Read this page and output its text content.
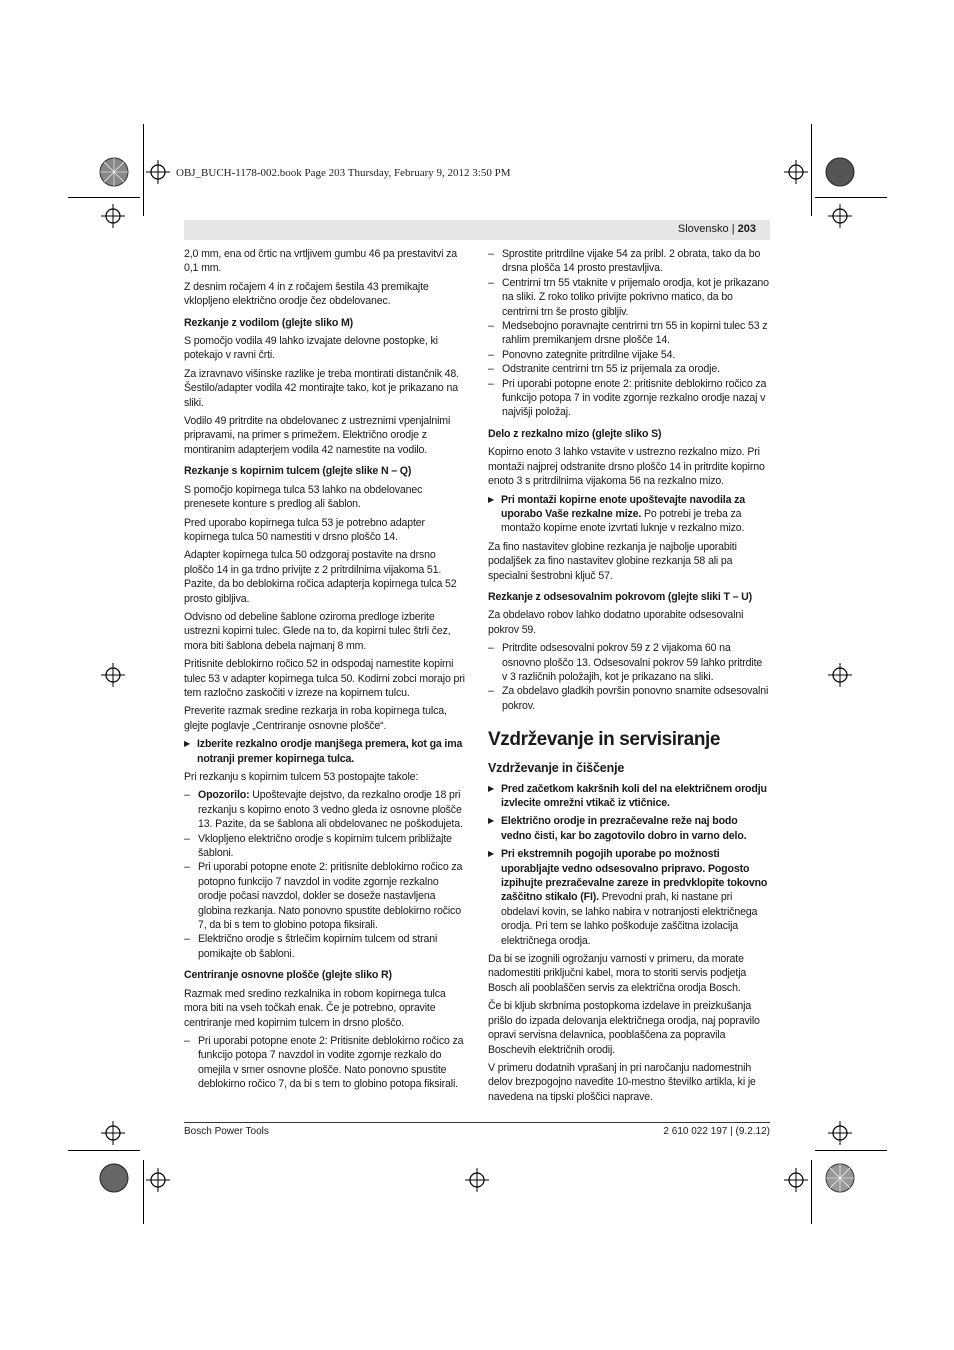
OBJ_BUCH-1178-002.book Page 203 Thursday, February 9, 2012 3:50 PM
Slovensko | 203

2,0 mm, ena od črtic na vrtljivem gumbu 46 pa prestavitvi za 0,1 mm.

Z desnim ročajem 4 in z ročajem šestila 43 premikajte vklopljeno električno orodje čez obdelovanec.

Rezkanje z vodilom (glejte sliko M)

S pomočjo vodila 49 lahko izvajate delovne postopke, ki potekajo v ravni črti.

Za izravnavo višinske razlike je treba montirati distančnik 48. Šestilo/adapter vodila 42 montirajte tako, kot je prikazano na sliki.

Vodilo 49 pritrdite na obdelovanec z ustreznimi vpenjalnimi pripravami, na primer s primežem. Električno orodje z montiranim adapterjem vodila 42 namestite na vodilo.

Rezkanje s kopirnim tulcem (glejte slike N – Q)

S pomočjo kopirnega tulca 53 lahko na obdelovanec prenesete konture s predlog ali šablon.

Pred uporabo kopirnega tulca 53 je potrebno adapter kopirnega tulca 50 namestiti v drsno ploščo 14.

Adapter kopirnega tulca 50 odzgoraj postavite na drsno ploščo 14 in ga trdno privijte z 2 pritrdilnima vijakoma 51. Pazite, da bo deblokirna ročica adapterja kopirnega tulca 52 prosto gibljiva.

Odvisno od debeline šablone oziroma predloge izberite ustrezni kopirni tulec. Glede na to, da kopirni tulec štrli čez, mora biti šablona debela najmanj 8 mm.

Pritisnite deblokirno ročico 52 in odspodaj namestite kopirni tulec 53 v adapter kopirnega tulca 50. Kodirni zobci morajo pri tem razločno zaskočiti v izreze na kopirnem tulcu.

Preverite razmak sredine rezkarja in roba kopirnega tulca, glejte poglavje „Centriranje osnovne plošče“.

▶ Izberite rezkalno orodje manjšega premera, kot ga ima notranji premer kopirnega tulca.

Pri rezkanju s kopirnim tulcem 53 postopajte takole:

– Opozorilo: Upoštevajte dejstvo, da rezkalno orodje 18 pri rezkanju s kopirno enoto 3 vedno gleda iz osnovne plošče 13. Pazite, da se šablona ali obdelovanec ne poškodujeta.
– Vklopljeno električno orodje s kopirnim tulcem približajte šabloni.
– Pri uporabi potopne enote 2: pritisnite deblokirno ročico za potopno funkcijo 7 navzdol in vodite zgornje rezkalno orodje počasi navzdol, dokler se doseže nastavljena globina rezkanja. Nato ponovno spustite deblokirno ročico 7, da bi s tem to globino potopa fiksirali.
– Električno orodje s štrlečim kopirnim tulcem od strani pomikajte ob šabloni.
Centriranje osnovne plošče (glejte sliko R)

Razmak med sredino rezkalnika in robom kopirnega tulca mora biti na vseh točkah enak. Če je potrebno, opravite centriranje med kopirnim tulcem in drsno ploščo.

– Pri uporabi potopne enote 2: Pritisnite deblokirno ročico za funkcijo potopa 7 navzdol in vodite zgornje rezkalo do omejila v smer osnovne plošče. Nato ponovno spustite deblokirno ročico 7, da bi s tem to globino potopa fiksirali.
– Sprostite pritrdilne vijake 54 za pribl. 2 obrata, tako da bo drsna plošča 14 prosto prestavljiva.
– Centrirni trn 55 vtaknite v prijemalo orodja, kot je prikazano na sliki. Z roko toliko privijte pokrivno matico, da bo centrirni trn še prosto gibljiv.
– Medsebojno poravnajte centrirni trn 55 in kopirni tulec 53 z rahlim premikanjem drsne plošče 14.
– Ponovno zategnite pritrdilne vijake 54.
– Odstranite centrirni trn 55 iz prijemala za orodje.
– Pri uporabi potopne enote 2: pritisnite deblokirno ročico za funkcijo potopa 7 in vodite zgornje rezkalno orodje nazaj v najvišji položaj.
Delo z rezkalno mizo (glejte sliko S)

Kopirno enoto 3 lahko vstavite v ustrezno rezkalno mizo. Pri montaži najprej odstranite drsno ploščo 14 in pritrdite kopirno enoto 3 s pritrdilnima vijakoma 56 na rezkalno mizo.

▶ Pri montaži kopirne enote upoštevajte navodila za uporabo Vaše rezkalne mize. Po potrebi je treba za montažo kopirne enote izvrtati luknje v rezkalno mizo.

Za fino nastavitev globine rezkanja je najbolje uporabiti podaljšek za fino nastavitev globine rezkanja 58 ali pa specialni šestrobni ključ 57.

Rezkanje z odsesovalnim pokrovom (glejte sliki T – U)

Za obdelavo robov lahko dodatno uporabite odsesovalni pokrov 59.

– Pritrdite odsesovalni pokrov 59 z 2 vijakoma 60 na osnovno ploščo 13. Odsesovalni pokrov 59 lahko pritrdite v 3 različnih položajih, kot je prikazano na sliki.
– Za obdelavo gladkih površin ponovno snamite odsesovalni pokrov.
Vzdrževanje in servisiranje
Vzdrževanje in čiščenje

▶ Pred začetkom kakršnih koli del na električnem orodju izvlecite omrežni vtikač iz vtičnice.

▶ Električno orodje in prezračevalne reže naj bodo vedno čisti, kar bo zagotovilo dobro in varno delo.

▶ Pri ekstremnih pogojih uporabe po možnosti uporabljajte vedno odsesovalno pripravo. Pogosto izpihujte prezračevalne zareze in predvklopite tokovno zaščitno stikalo (FI). Prevodni prah, ki nastane pri obdelavi kovin, se lahko nabira v notranjosti električnega orodja. Pri tem se lahko poškoduje zaščitna izolacija električnega orodja.

Da bi se izognili ogrožanju varnosti v primeru, da morate nadomestiti priključni kabel, mora to storiti servis podjetja Bosch ali pooblaščen servis za električna orodja Bosch.

Če bi kljub skrbnima postopkoma izdelave in preizkušanja prišlo do izpada delovanja električnega orodja, naj popravilo opravi servisna delavnica, pooblaščena za popravila Boschevih električnih orodij.

V primeru dodatnih vprašanj in pri naročanju nadomestnih delov brezpogojno navedite 10-mestno številko artikla, ki je navedena na tipski ploščici naprave.

Bosch Power Tools	2 610 022 197 | (9.2.12)
